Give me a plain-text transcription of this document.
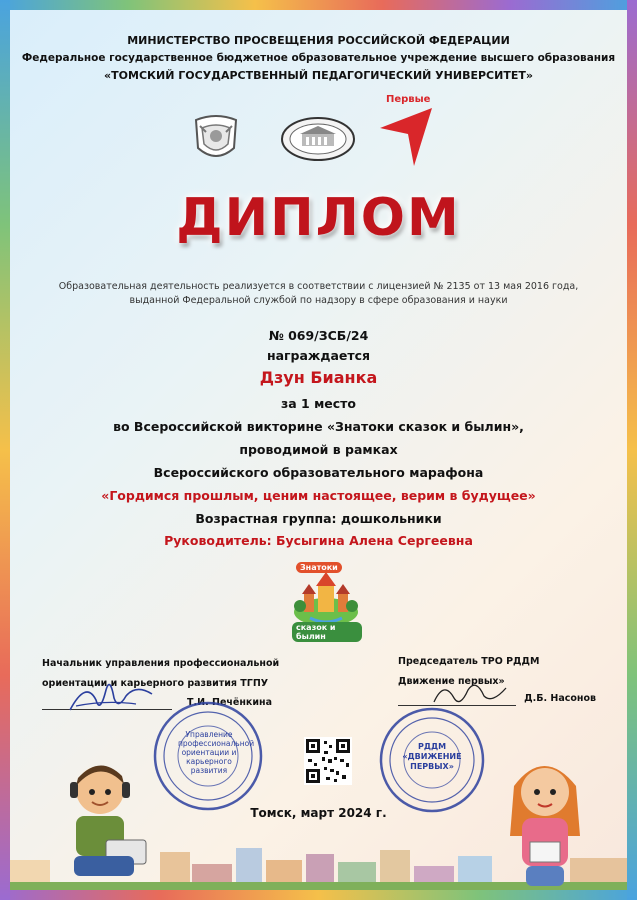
МИНИСТЕРСТВО ПРОСВЕЩЕНИЯ РОССИЙСКОЙ ФЕДЕРАЦИИ
Федеральное государственное бюджетное образовательное учреждение высшего образования
«ТОМСКИЙ ГОСУДАРСТВЕННЫЙ ПЕДАГОГИЧЕСКИЙ УНИВЕРСИТЕТ»
Первые
ДИПЛОМ
Образовательная деятельность реализуется в соответствии с лицензией № 2135 от 13 мая 2016 года,
выданной Федеральной службой по надзору в сфере образования и науки
№ 069/ЗСБ/24
награждается
Дзун Бианка
за 1 место
во Всероссийской викторине «Знатоки сказок и былин»,
проводимой в рамках
Всероссийского образовательного марафона
«Гордимся прошлым, ценим настоящее, верим в будущее»
Возрастная группа: дошкольники
Руководитель: Бусыгина Алена Сергеевна
Знатоки
сказок и былин
Начальник управления профессиональной
ориентации и карьерного развития ТГПУ
Т.И. Печёнкина
Председатель ТРО РДДМ
Движение первых»
Д.Б. Насонов
Управление профессиональной ориентации и карьерного развития
РДДМ «ДВИЖЕНИЕ ПЕРВЫХ»
Томск, март 2024 г.
